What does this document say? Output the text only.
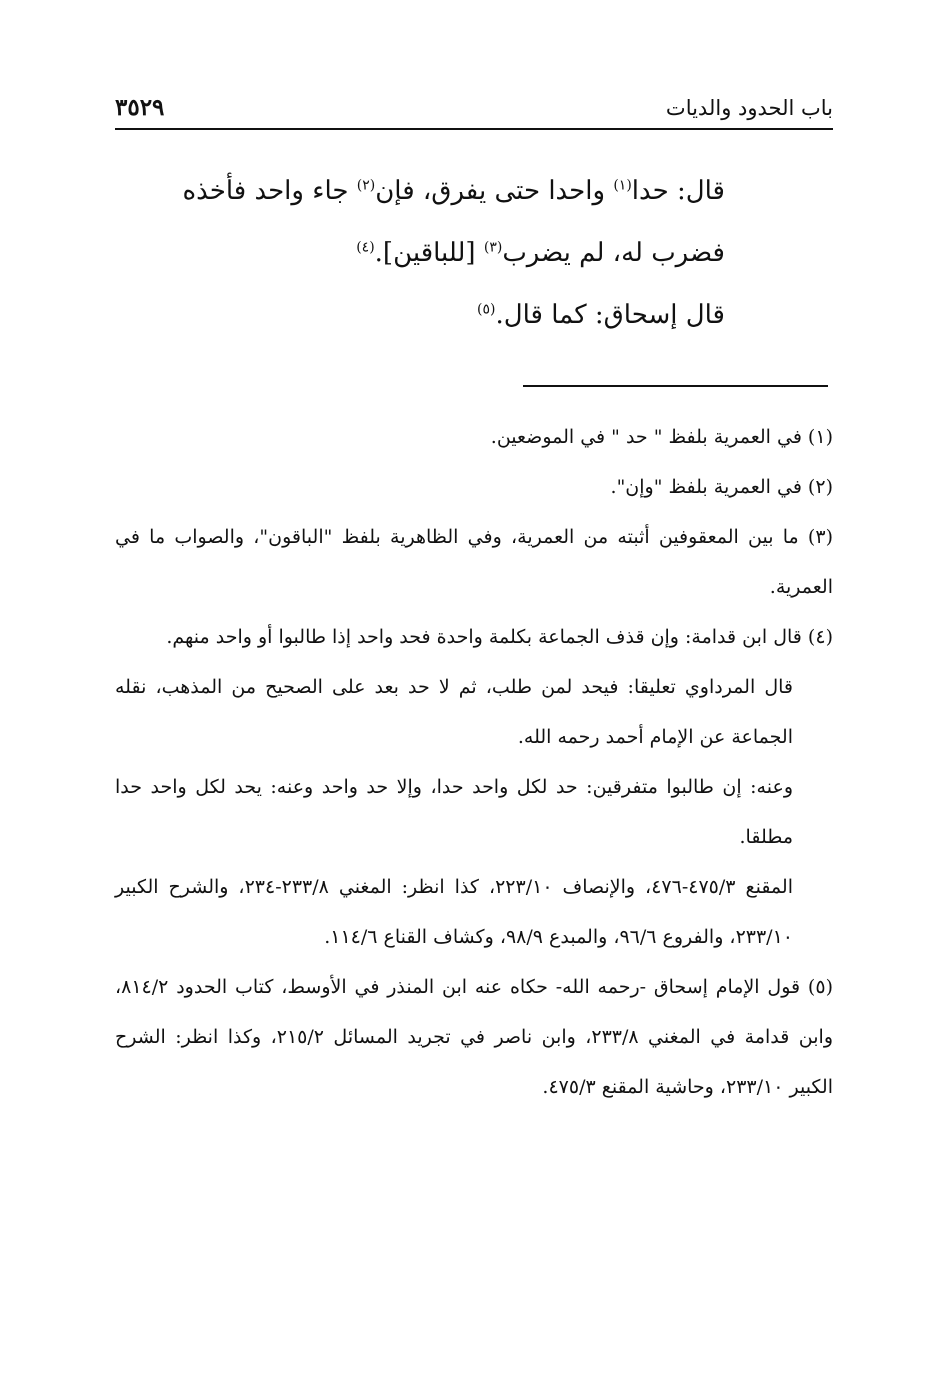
باب الحدود والديات
٣٥٢٩

قال: حدا$^{(١)}$ واحدا حتى يفرق، فإن$^{(٢)}$ جاء واحد فأخذه

فضرب له، لم يضرب$^{(٣)}$ [للباقين].$^{(٤)}$

قال إسحاق: كما قال.$^{(٥)}$

(١) في العمرية بلفظ " حد " في الموضعين.

(٢) في العمرية بلفظ "وإن".

(٣) ما بين المعقوفين أثبته من العمرية، وفي الظاهرية بلفظ "الباقون"، والصواب ما في العمرية.

(٤) قال ابن قدامة: وإن قذف الجماعة بكلمة واحدة فحد واحد إذا طالبوا أو واحد منهم.

قال المرداوي تعليقا: فيحد لمن طلب، ثم لا حد بعد على الصحيح من المذهب، نقله الجماعة عن الإمام أحمد رحمه الله.

وعنه: إن طالبوا متفرقين: حد لكل واحد حدا، وإلا حد واحد وعنه: يحد لكل واحد حدا مطلقا.

المقنع ٤٧٥/٣-٤٧٦، والإنصاف ٢٢٣/١٠، كذا انظر: المغني ٢٣٣/٨-٢٣٤، والشرح الكبير ٢٣٣/١٠، والفروع ٩٦/٦، والمبدع ٩٨/٩، وكشاف القناع ١١٤/٦.

(٥) قول الإمام إسحاق -رحمه الله- حكاه عنه ابن المنذر في الأوسط، كتاب الحدود ٨١٤/٢، وابن قدامة في المغني ٢٣٣/٨، وابن ناصر في تجريد المسائل ٢١٥/٢، وكذا انظر: الشرح الكبير ٢٣٣/١٠، وحاشية المقنع ٤٧٥/٣.
